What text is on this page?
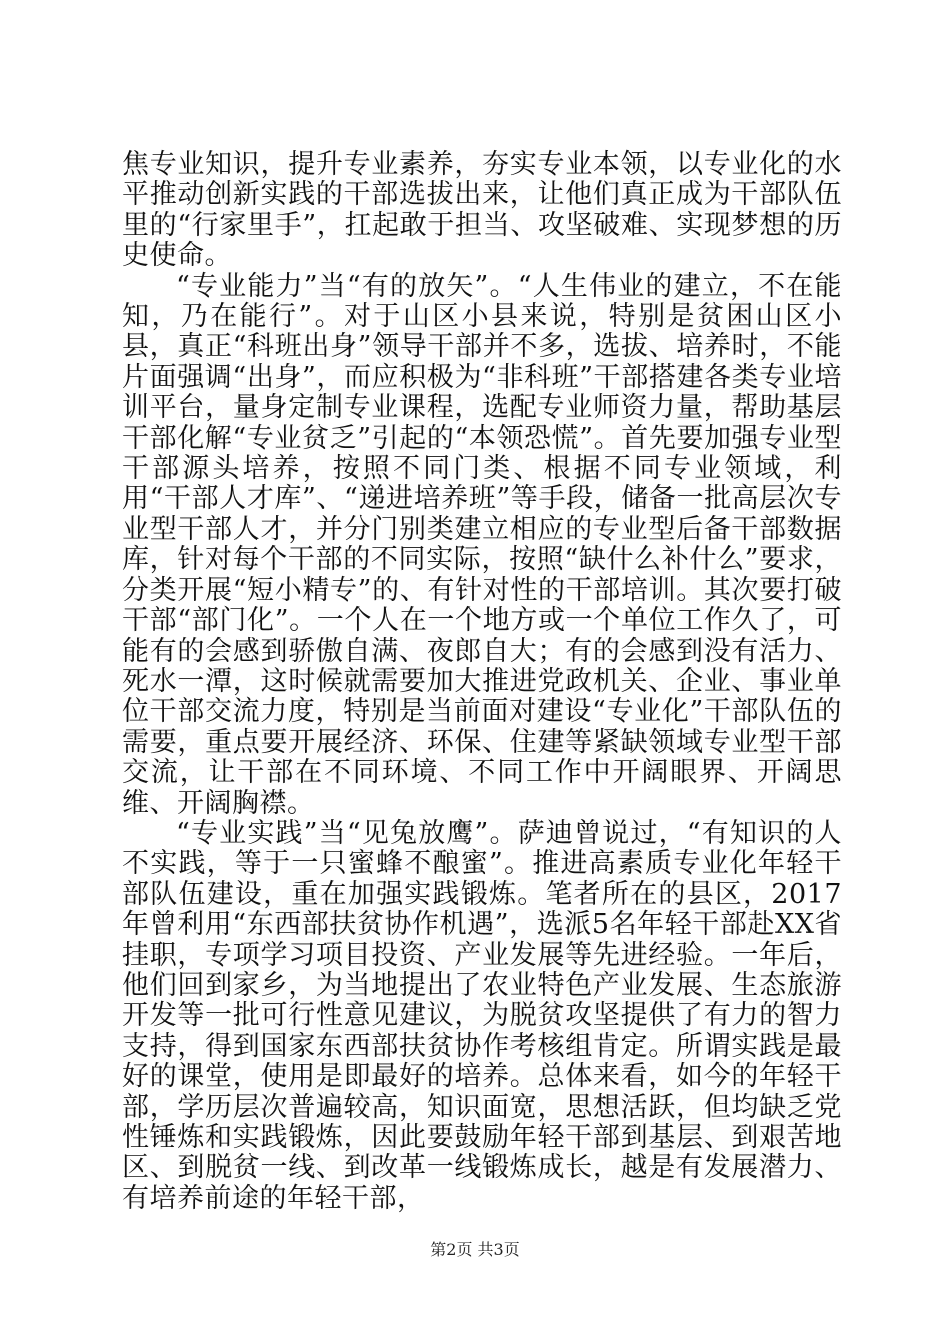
焦专业知识，提升专业素养，夯实专业本领，以专业化的水平推动创新实践的干部选拔出来，让他们真正成为干部队伍里的“行家里手”，扛起敢于担当、攻坚破难、实现梦想的历史使命。

“专业能力”当“有的放矢”。“人生伟业的建立，不在能知，乃在能行”。对于山区小县来说，特别是贫困山区小县，真正“科班出身”领导干部并不多，选拔、培养时，不能片面强调“出身”，而应积极为“非科班”干部搭建各类专业培训平台，量身定制专业课程，选配专业师资力量，帮助基层干部化解“专业贫乏”引起的“本领恐慌”。首先要加强专业型干部源头培养，按照不同门类、根据不同专业领域，利用“干部人才库”、“递进培养班”等手段，储备一批高层次专业型干部人才，并分门别类建立相应的专业型后备干部数据库，针对每个干部的不同实际，按照“缺什么补什么”要求，分类开展“短小精专”的、有针对性的干部培训。其次要打破干部“部门化”。一个人在一个地方或一个单位工作久了，可能有的会感到骄傲自满、夜郎自大；有的会感到没有活力、死水一潭，这时候就需要加大推进党政机关、企业、事业单位干部交流力度，特别是当前面对建设“专业化”干部队伍的需要，重点要开展经济、环保、住建等紧缺领域专业型干部交流，让干部在不同环境、不同工作中开阔眼界、开阔思维、开阔胸襟。

“专业实践”当“见兔放鹰”。萨迪曾说过，“有知识的人不实践，等于一只蜜蜂不酿蜜”。推进高素质专业化年轻干部队伍建设，重在加强实践锻炼。笔者所在的县区，2017年曾利用“东西部扶贫协作机遇”，选派5名年轻干部赴XX省挂职，专项学习项目投资、产业发展等先进经验。一年后，他们回到家乡，为当地提出了农业特色产业发展、生态旅游开发等一批可行性意见建议，为脱贫攻坚提供了有力的智力支持，得到国家东西部扶贫协作考核组肯定。所谓实践是最好的课堂，使用是即最好的培养。总体来看，如今的年轻干部，学历层次普遍较高，知识面宽，思想活跃，但均缺乏党性锤炼和实践锻炼，因此要鼓励年轻干部到基层、到艰苦地区、到脱贫一线、到改革一线锻炼成长，越是有发展潜力、有培养前途的年轻干部，

第2页 共3页
